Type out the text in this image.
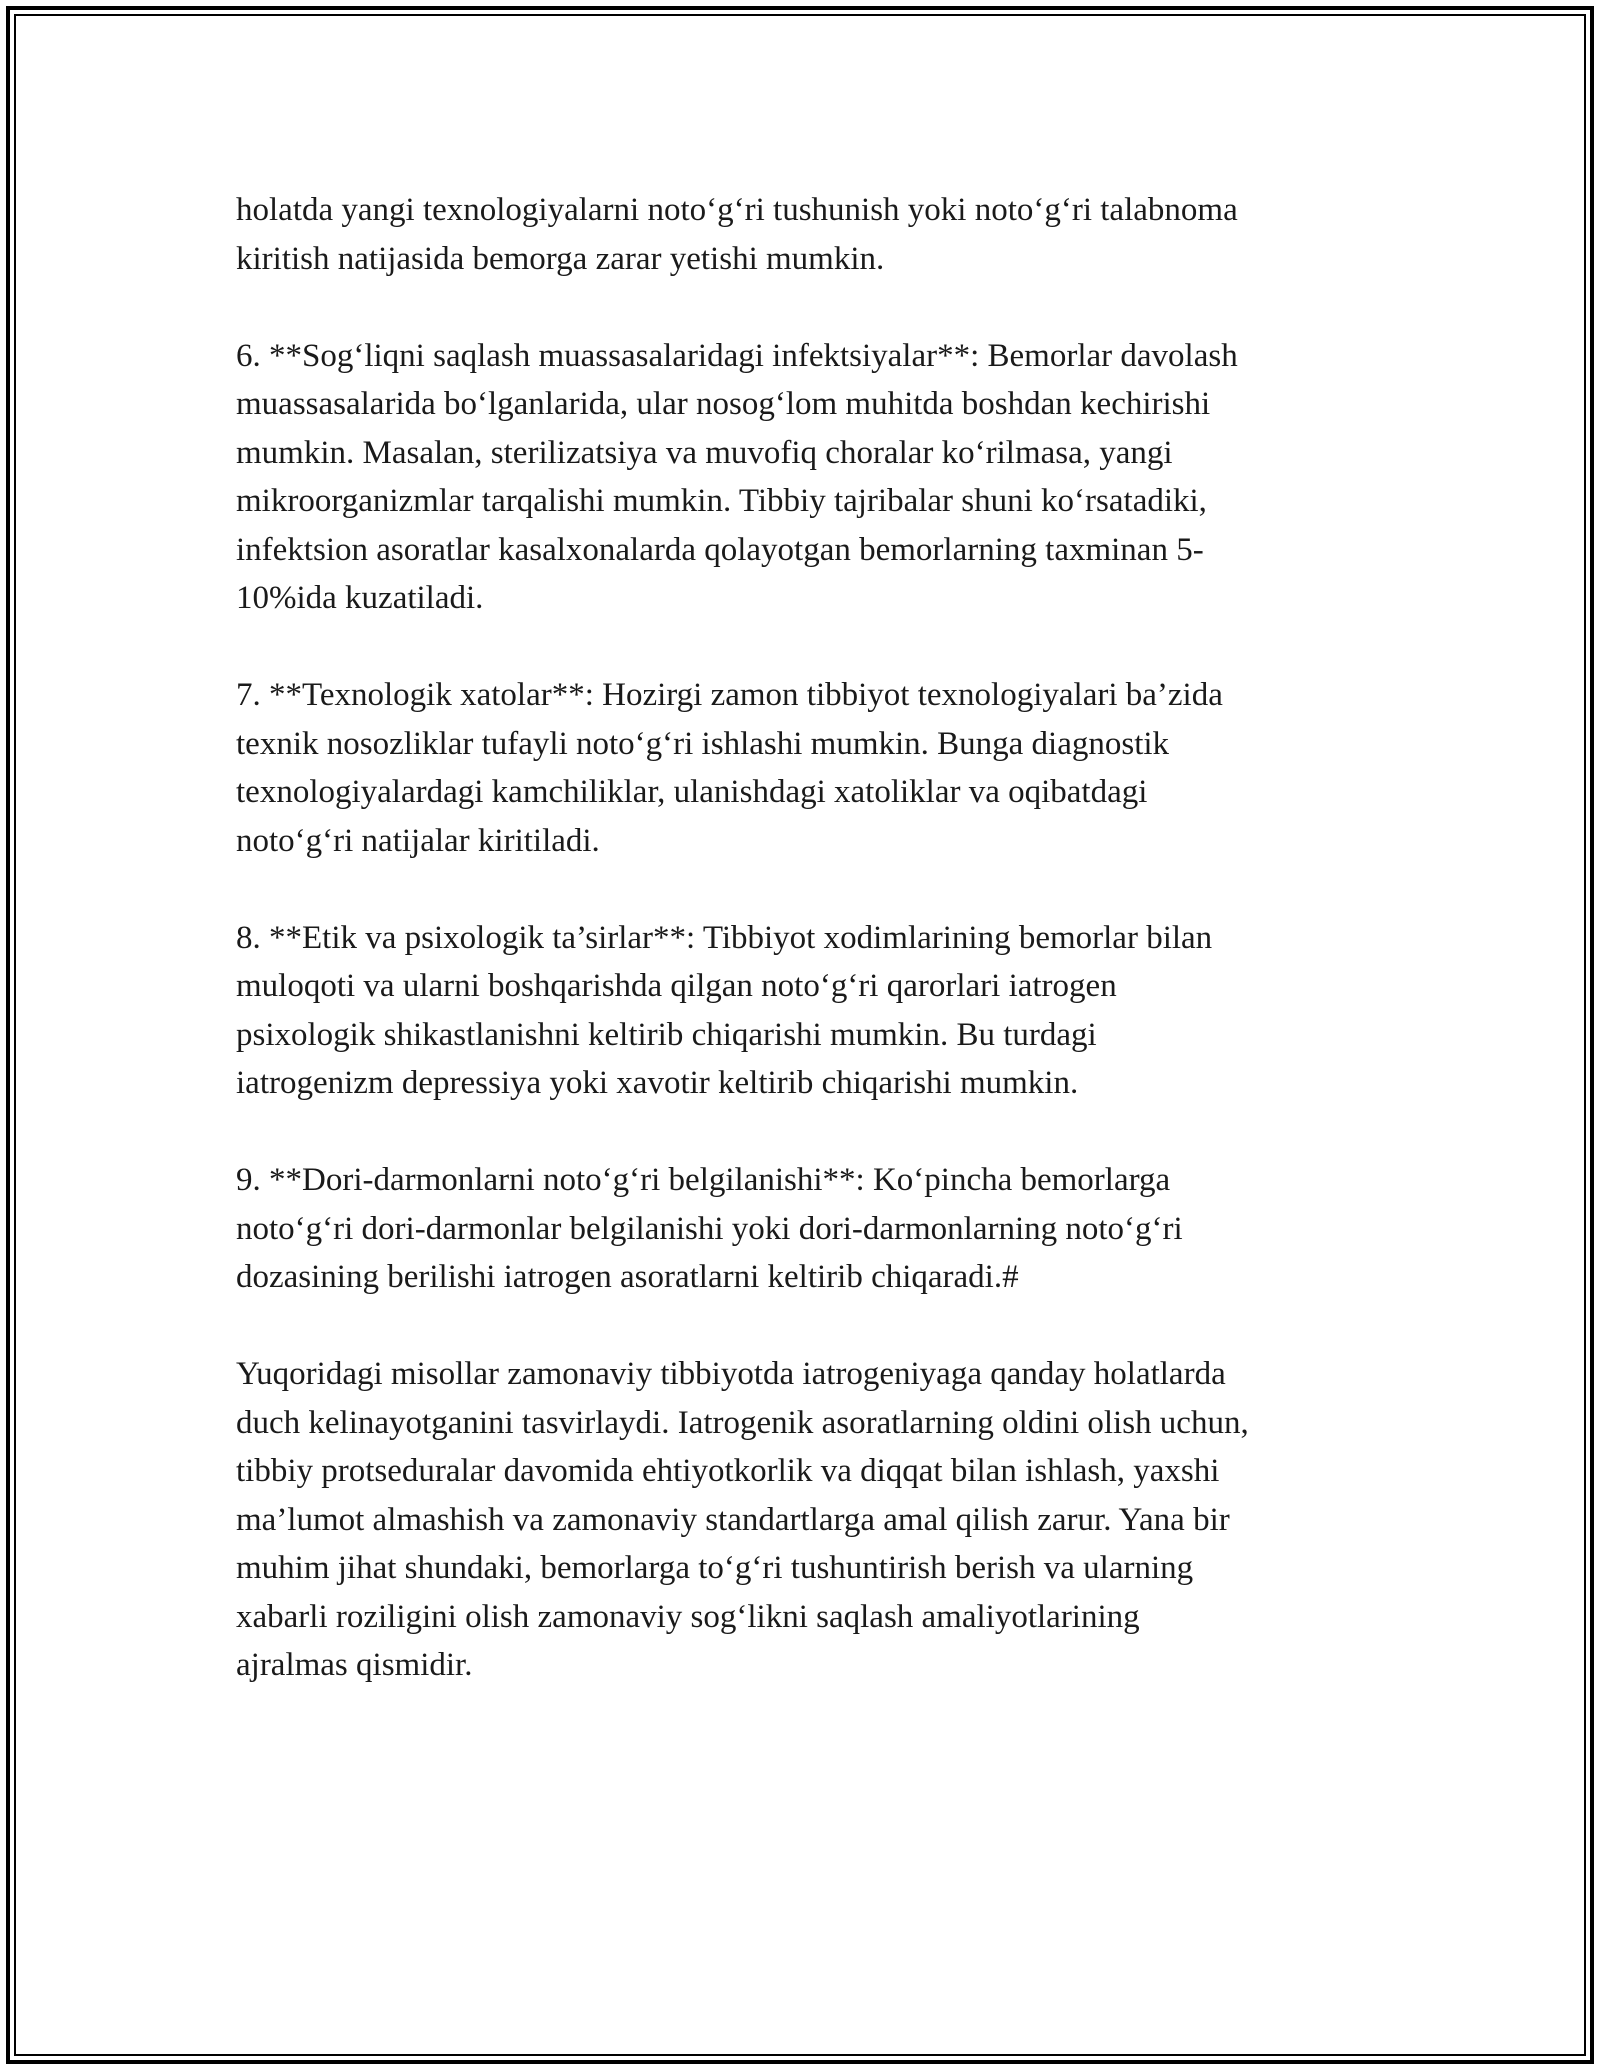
holatda yangi texnologiyalarni noto‘g‘ri tushunish yoki noto‘g‘ri talabnoma
kiritish natijasida bemorga zarar yetishi mumkin.

6. **Sog‘liqni saqlash muassasalaridagi infektsiyalar**: Bemorlar davolash
muassasalarida bo‘lganlarida, ular nosog‘lom muhitda boshdan kechirishi
mumkin. Masalan, sterilizatsiya va muvofiq choralar ko‘rilmasa, yangi
mikroorganizmlar tarqalishi mumkin. Tibbiy tajribalar shuni ko‘rsatadiki,
infektsion asoratlar kasalxonalarda qolayotgan bemorlarning taxminan 5-
10%ida kuzatiladi.

7. **Texnologik xatolar**: Hozirgi zamon tibbiyot texnologiyalari ba’zida
texnik nosozliklar tufayli noto‘g‘ri ishlashi mumkin. Bunga diagnostik
texnologiyalardagi kamchiliklar, ulanishdagi xatoliklar va oqibatdagi
noto‘g‘ri natijalar kiritiladi.

8. **Etik va psixologik ta’sirlar**: Tibbiyot xodimlarining bemorlar bilan
muloqoti va ularni boshqarishda qilgan noto‘g‘ri qarorlari iatrogen
psixologik shikastlanishni keltirib chiqarishi mumkin. Bu turdagi
iatrogenizm depressiya yoki xavotir keltirib chiqarishi mumkin.

9. **Dori-darmonlarni noto‘g‘ri belgilanishi**: Ko‘pincha bemorlarga
noto‘g‘ri dori-darmonlar belgilanishi yoki dori-darmonlarning noto‘g‘ri
dozasining berilishi iatrogen asoratlarni keltirib chiqaradi.#

Yuqoridagi misollar zamonaviy tibbiyotda iatrogeniyaga qanday holatlarda
duch kelinayotganini tasvirlaydi. Iatrogenik asoratlarning oldini olish uchun,
tibbiy protseduralar davomida ehtiyotkorlik va diqqat bilan ishlash, yaxshi
ma’lumot almashish va zamonaviy standartlarga amal qilish zarur. Yana bir
muhim jihat shundaki, bemorlarga to‘g‘ri tushuntirish berish va ularning
xabarli roziligini olish zamonaviy sog‘likni saqlash amaliyotlarining
ajralmas qismidir.
